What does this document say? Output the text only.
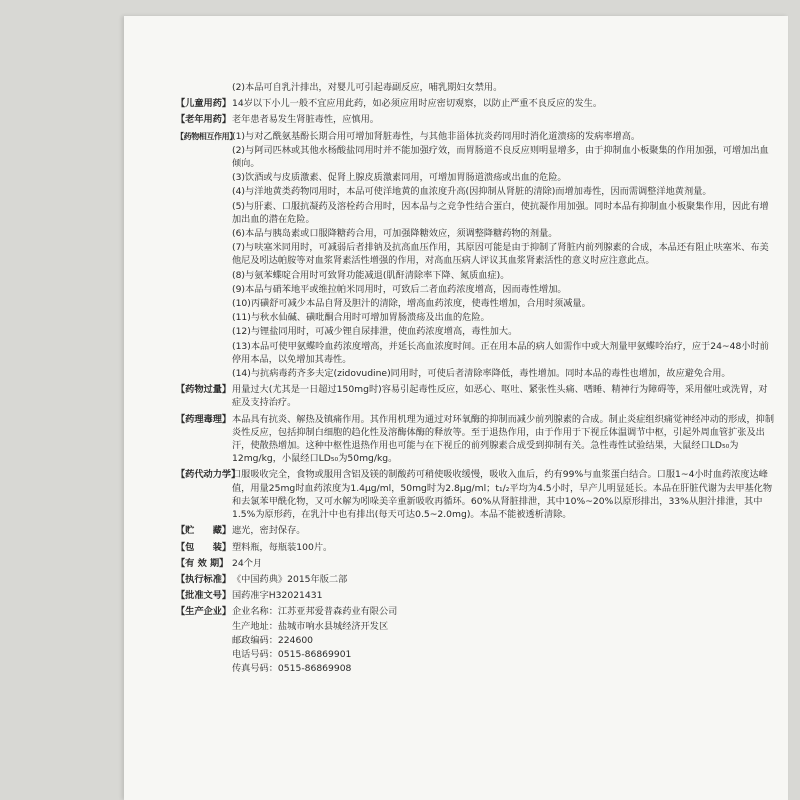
(2)本品可自乳汁排出，对婴儿可引起毒副反应，哺乳期妇女禁用。
【儿童用药】 14岁以下小儿一般不宜应用此药，如必须应用时应密切观察，以防止严重不良反应的发生。
【老年用药】 老年患者易发生肾脏毒性，应慎用。
【药物相互作用】
(1)与对乙酰氨基酚长期合用可增加肾脏毒性，与其他非甾体抗炎药同用时消化道溃疡的发病率增高。
(2)与阿司匹林或其他水杨酸盐同用时并不能加强疗效，而胃肠道不良反应则明显增多，由于抑制血小板聚集的作用加强，可增加出血倾向。
(3)饮酒或与皮质激素、促肾上腺皮质激素同用，可增加胃肠道溃疡或出血的危险。
(4)与洋地黄类药物同用时，本品可使洋地黄的血浓度升高(因抑制从肾脏的清除)而增加毒性，因而需调整洋地黄剂量。
(5)与肝素、口服抗凝药及溶栓药合用时，因本品与之竞争性结合蛋白，使抗凝作用加强。同时本品有抑制血小板聚集作用，因此有增加出血的潜在危险。
(6)本品与胰岛素或口服降糖药合用，可加强降糖效应，须调整降糖药物的剂量。
(7)与呋塞米同用时，可减弱后者排钠及抗高血压作用，其原因可能是由于抑制了肾脏内前列腺素的合成，本品还有阻止呋塞米、布美他尼及吲达帕胺等对血浆肾素活性增强的作用，对高血压病人评议其血浆肾素活性的意义时应注意此点。
(8)与氨苯蝶啶合用时可致肾功能减退(肌酐清除率下降、氮质血症)。
(9)本品与硝苯地平或维拉帕米同用时，可致后二者血药浓度增高，因而毒性增加。
(10)丙磺舒可减少本品自肾及胆汁的清除，增高血药浓度，使毒性增加，合用时须减量。
(11)与秋水仙碱、磺吡酮合用时可增加胃肠溃疡及出血的危险。
(12)与锂盐同用时，可减少锂自尿排泄，使血药浓度增高，毒性加大。
(13)本品可使甲氨蝶呤血药浓度增高，并延长高血浓度时间。正在用本品的病人如需作中或大剂量甲氨蝶呤治疗，应于24~48小时前停用本品，以免增加其毒性。
(14)与抗病毒药齐多夫定(zidovudine)同用时，可使后者清除率降低，毒性增加。同时本品的毒性也增加，故应避免合用。
【药物过量】 用量过大(尤其是一日超过150mg时)容易引起毒性反应，如恶心、呕吐、紧张性头痛、嗜睡、精神行为障碍等，采用催吐或洗胃，对症及支持治疗。
【药理毒理】 本品具有抗炎、解热及镇痛作用。其作用机理为通过对环氧酶的抑制而减少前列腺素的合成。制止炎症组织痛觉神经冲动的形成，抑制炎性反应，包括抑制白细胞的趋化性及溶酶体酶的释放等。至于退热作用，由于作用于下视丘体温调节中枢，引起外周血管扩张及出汗，使散热增加。这种中枢性退热作用也可能与在下视丘的前列腺素合成受到抑制有关。急性毒性试验结果，大鼠经口LD₅₀为12mg/kg，小鼠经口LD₅₀为50mg/kg。
【药代动力学】
口服吸收完全，食物或服用含铝及镁的制酸药可稍使吸收缓慢，吸收入血后，约有99%与血浆蛋白结合。口服1~4小时血药浓度达峰值，用量25mg时血药浓度为1.4μg/ml，50mg时为2.8μg/ml；t₁/₂平均为4.5小时，早产儿明显延长。本品在肝脏代谢为去甲基化物和去氯苯甲酰化物，又可水解为吲哚美辛重新吸收再循环。60%从肾脏排泄，其中10%~20%以原形排出，33%从胆汁排泄，其中1.5%为原形药，在乳汁中也有排出(每天可达0.5~2.0mg)。本品不能被透析清除。
【贮　　藏】 遮光，密封保存。
【包　　装】 塑料瓶，每瓶装100片。
【有 效 期】 24个月
【执行标准】 《中国药典》2015年版二部
【批准文号】 国药准字H32021431
【生产企业】 企业名称：江苏亚邦爱普森药业有限公司
生产地址：盐城市响水县城经济开发区
邮政编码：224600
电话号码：0515-86869901
传真号码：0515-86869908
